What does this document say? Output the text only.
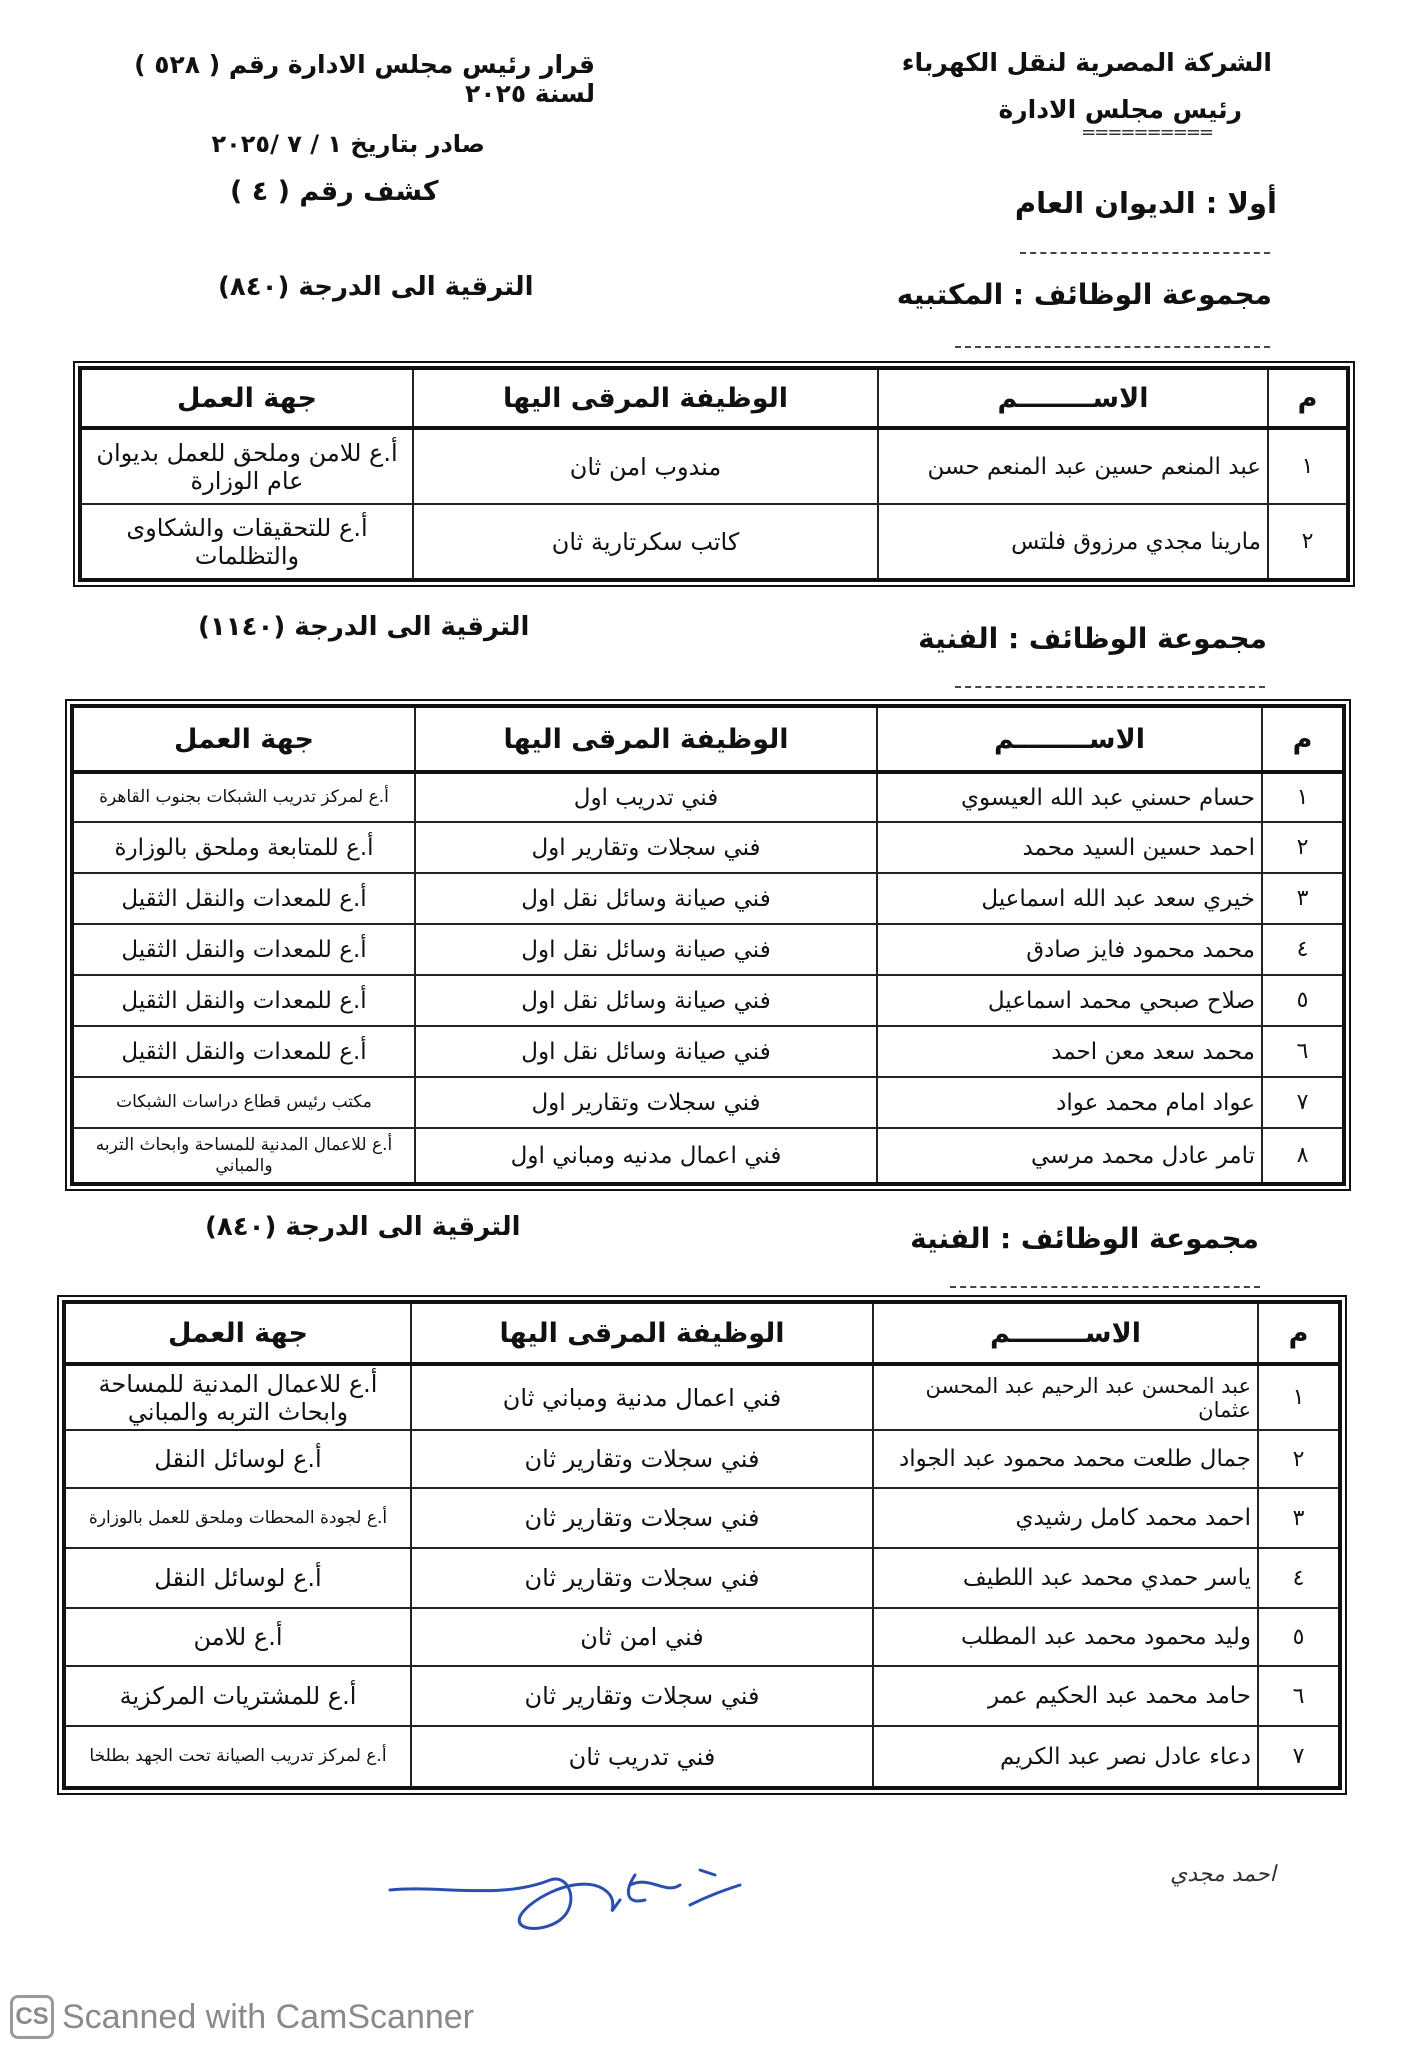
الشركة المصرية لنقل الكهرباء
رئيس مجلس الادارة
==========
قرار رئيس مجلس الادارة رقم ( ٥٢٨ ) لسنة ٢٠٢٥
صادر بتاريخ ١ / ٧ /٢٠٢٥
كشف رقم ( ٤ )	أولا : الديوان العام
مجموعة الوظائف : المكتبيه
الترقية الى الدرجة (٨٤٠)
م	الاســــــــم	الوظيفة المرقى اليها	جهة العمل
١	عبد المنعم حسين عبد المنعم حسن	مندوب امن ثان	أ.ع للامن وملحق للعمل بديوان عام الوزارة
٢	مارينا مجدي مرزوق فلتس	كاتب سكرتارية ثان	أ.ع للتحقيقات والشكاوى والتظلمات
مجموعة الوظائف : الفنية
الترقية الى الدرجة (١١٤٠)
م	الاســــــــم	الوظيفة المرقى اليها	جهة العمل
١	حسام حسني عبد الله العيسوي	فني تدريب اول	أ.ع لمركز تدريب الشبكات بجنوب القاهرة
٢	احمد حسين السيد محمد	فني سجلات وتقارير اول	أ.ع للمتابعة وملحق بالوزارة
٣	خيري سعد عبد الله اسماعيل	فني صيانة وسائل نقل اول	أ.ع للمعدات والنقل الثقيل
٤	محمد محمود فايز صادق	فني صيانة وسائل نقل اول	أ.ع للمعدات والنقل الثقيل
٥	صلاح صبحي محمد اسماعيل	فني صيانة وسائل نقل اول	أ.ع للمعدات والنقل الثقيل
٦	محمد سعد معن احمد	فني صيانة وسائل نقل اول	أ.ع للمعدات والنقل الثقيل
٧	عواد امام محمد عواد	فني سجلات وتقارير اول	مكتب رئيس قطاع دراسات الشبكات
٨	تامر عادل محمد مرسي	فني اعمال مدنيه ومباني اول	أ.ع للاعمال المدنية للمساحة وابحاث التربه والمباني
مجموعة الوظائف : الفنية
الترقية الى الدرجة (٨٤٠)
م	الاســــــــم	الوظيفة المرقى اليها	جهة العمل
١	عبد المحسن عبد الرحيم عبد المحسن عثمان	فني اعمال مدنية ومباني ثان	أ.ع للاعمال المدنية للمساحة وابحاث التربه والمباني
٢	جمال طلعت محمد محمود عبد الجواد	فني سجلات وتقارير ثان	أ.ع لوسائل النقل
٣	احمد محمد كامل رشيدي	فني سجلات وتقارير ثان	أ.ع لجودة المحطات وملحق للعمل بالوزارة
٤	ياسر حمدي محمد عبد اللطيف	فني سجلات وتقارير ثان	أ.ع لوسائل النقل
٥	وليد محمود محمد عبد المطلب	فني امن ثان	أ.ع للامن
٦	حامد محمد عبد الحكيم عمر	فني سجلات وتقارير ثان	أ.ع للمشتريات المركزية
٧	دعاء عادل نصر عبد الكريم	فني تدريب ثان	أ.ع لمركز تدريب الصيانة تحت الجهد بطلخا
احمد مجدي
CS Scanned with CamScanner
